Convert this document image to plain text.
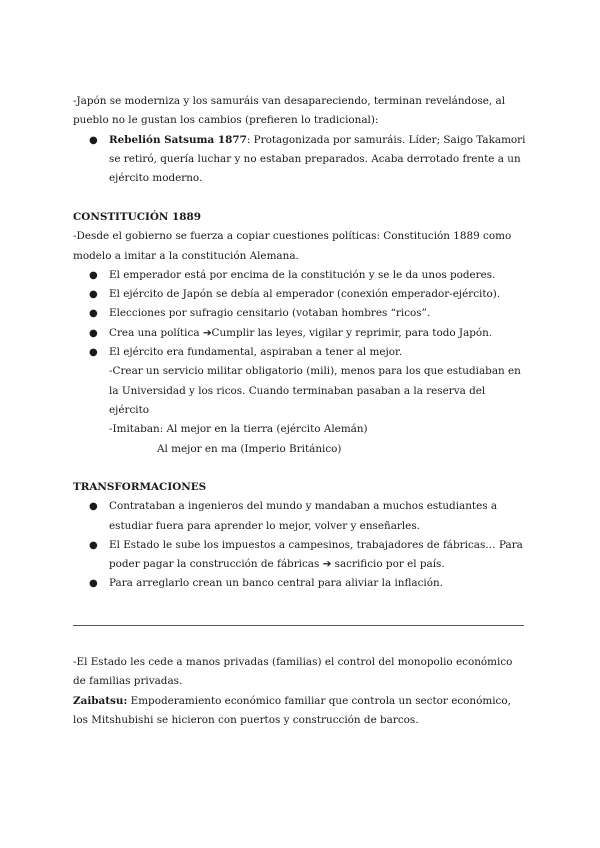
-Japón se moderniza y los samuráis van desapareciendo, terminan revelándose, al pueblo no le gustan los cambios (prefieren lo tradicional):

● Rebelión Satsuma 1877: Protagonizada por samuráis. Líder; Saigo Takamori se retiró, quería luchar y no estaban preparados. Acaba derrotado frente a un ejército moderno.

CONSTITUCIÓN 1889

-Desde el gobierno se fuerza a copiar cuestiones políticas: Constitución 1889 como modelo a imitar a la constitución Alemana.

● El emperador está por encima de la constitución y se le da unos poderes.
● El ejército de Japón se debía al emperador (conexión emperador-ejército).
● Elecciones por sufragio censitario (votaban hombres “ricos”.
● Crea una política ➔Cumplir las leyes, vigilar y reprimir, para todo Japón.
● El ejército era fundamental, aspiraban a tener al mejor.

-Crear un servicio militar obligatorio (mili), menos para los que estudiaban en la Universidad y los ricos. Cuando terminaban pasaban a la reserva del ejército

-Imitaban: Al mejor en la tierra (ejército Alemán)

Al mejor en ma (Imperio Británico)

TRANSFORMACIONES

● Contrataban a ingenieros del mundo y mandaban a muchos estudiantes a estudiar fuera para aprender lo mejor, volver y enseñarles.
● El Estado le sube los impuestos a campesinos, trabajadores de fábricas… Para poder pagar la construcción de fábricas ➔ sacrificio por el país.
● Para arreglarlo crean un banco central para aliviar la inflación.

-El Estado les cede a manos privadas (familias) el control del monopolio económico de familias privadas.

Zaibatsu: Empoderamiento económico familiar que controla un sector económico, los Mitshubishi se hicieron con puertos y construcción de barcos.
